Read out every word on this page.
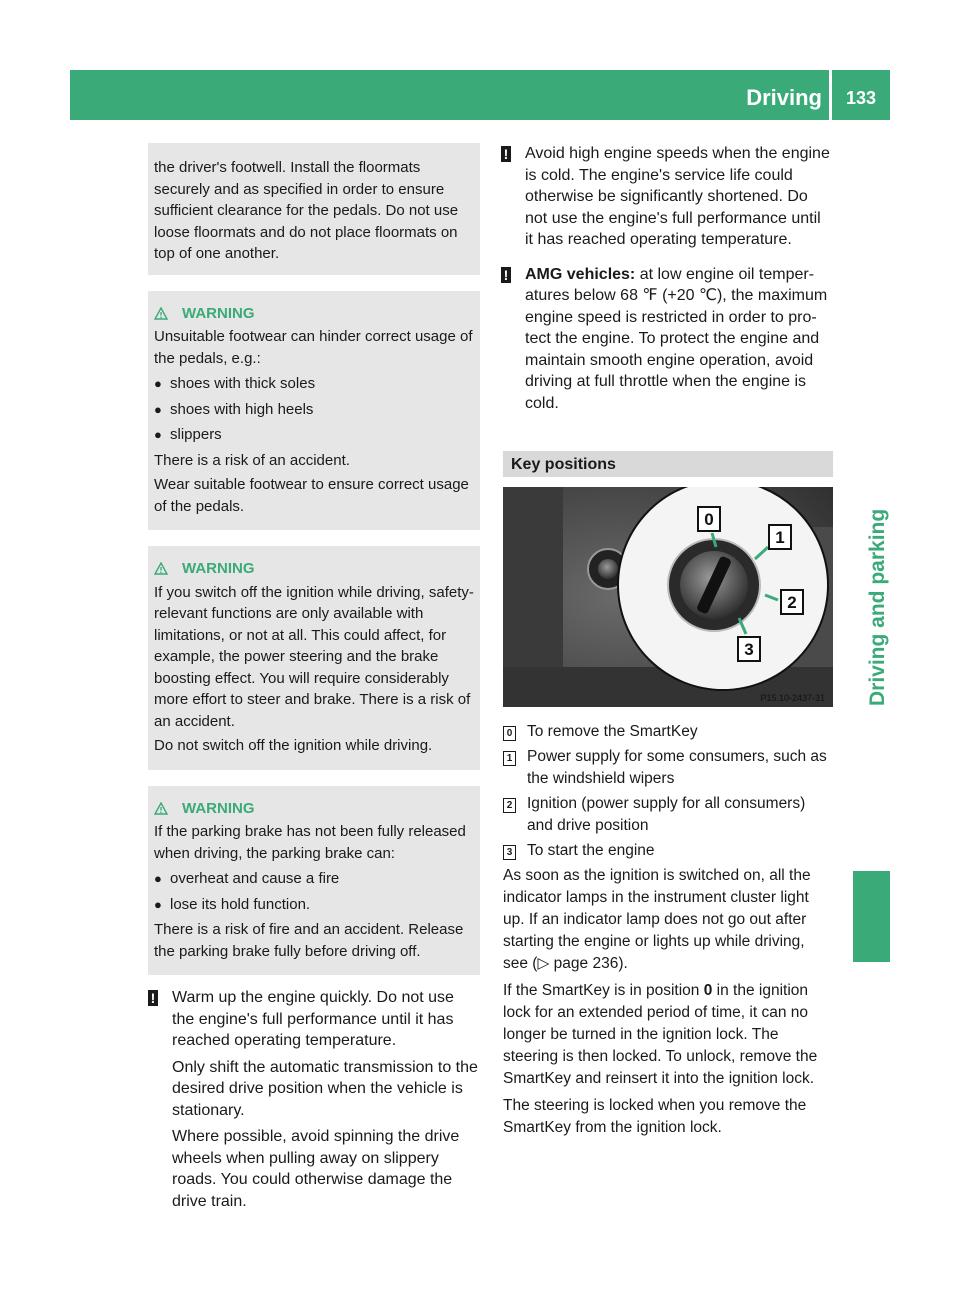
Driving	133
Driving and parking
the driver's footwell. Install the floormats securely and as specified in order to ensure sufficient clearance for the pedals. Do not use loose floormats and do not place floormats on top of one another.
WARNING

Unsuitable footwear can hinder correct usage of the pedals, e.g.:

● shoes with thick soles
● shoes with high heels
● slippers

There is a risk of an accident.

Wear suitable footwear to ensure correct usage of the pedals.

WARNING

If you switch off the ignition while driving, safety-relevant functions are only available with limitations, or not at all. This could affect, for example, the power steering and the brake boosting effect. You will require considerably more effort to steer and brake. There is a risk of an accident.

Do not switch off the ignition while driving.

WARNING

If the parking brake has not been fully released when driving, the parking brake can:

● overheat and cause a fire
● lose its hold function.

There is a risk of fire and an accident. Release the parking brake fully before driving off.

!	Warm up the engine quickly. Do not use the engine's full performance until it has reached operating temperature.

Only shift the automatic transmission to the desired drive position when the vehicle is stationary.

Where possible, avoid spinning the drive wheels when pulling away on slippery roads. You could otherwise damage the drive train.

!	Avoid high engine speeds when the engine is cold. The engine's service life could otherwise be significantly shortened. Do not use the engine's full performance until it has reached operating temperature.

!	AMG vehicles: at low engine oil temperatures below 68 ℉ (+20 ℃), the maximum engine speed is restricted in order to protect the engine. To protect the engine and maintain smooth engine operation, avoid driving at full throttle when the engine is cold.

Key positions
0
1
2
3
P15.10-2437-31
0 To remove the SmartKey
1 Power supply for some consumers, such as the windshield wipers
2 Ignition (power supply for all consumers) and drive position
3 To start the engine

As soon as the ignition is switched on, all the indicator lamps in the instrument cluster light up. If an indicator lamp does not go out after starting the engine or lights up while driving, see (▷ page 236).

If the SmartKey is in position 0 in the ignition lock for an extended period of time, it can no longer be turned in the ignition lock. The steering is then locked. To unlock, remove the SmartKey and reinsert it into the ignition lock.

The steering is locked when you remove the SmartKey from the ignition lock.
